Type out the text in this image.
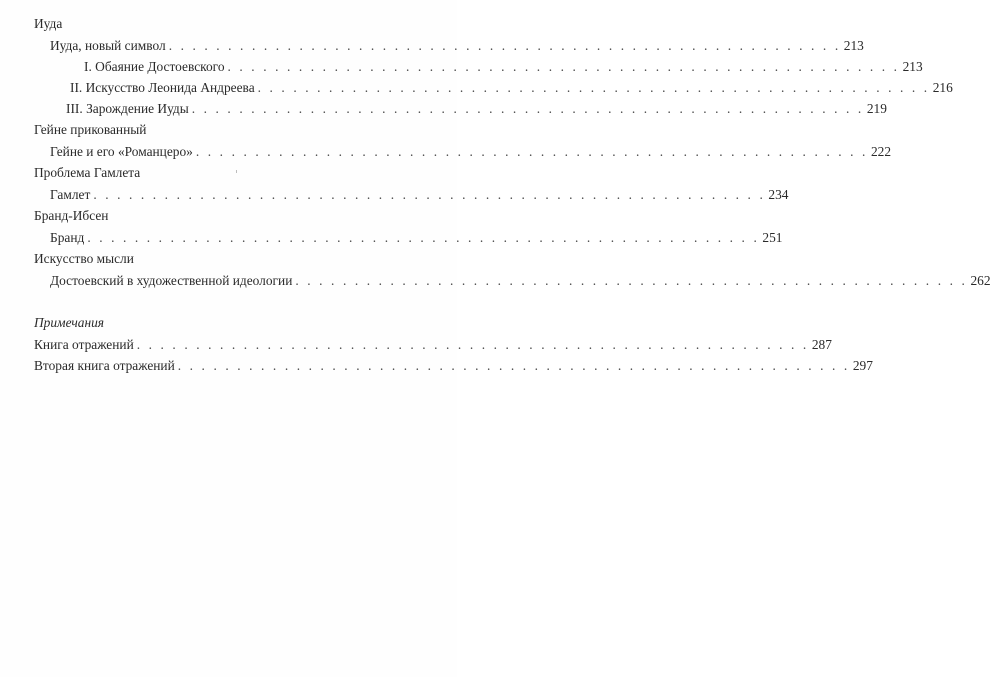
Иуда
Иуда, новый символ . . . . . . . . . . . . . . . . . . . . . . . . . . . . . . . . . . . . . . . . . . . . . . . . . . . . . . . . . 213
I. Обаяние Достоевского . . . . . . . . . . . . . . . . . . . . . . . . . . . . . . . . . . . . . . . . . . . . . . . . . . . . . . . . . 213
II. Искусство Леонида Андреева . . . . . . . . . . . . . . . . . . . . . . . . . . . . . . . . . . . . . . . . . . . . . . . . . . . . . . . . . 216
III. Зарождение Иуды . . . . . . . . . . . . . . . . . . . . . . . . . . . . . . . . . . . . . . . . . . . . . . . . . . . . . . . . . 219
Гейне прикованный
Гейне и его «Романцеро» . . . . . . . . . . . . . . . . . . . . . . . . . . . . . . . . . . . . . . . . . . . . . . . . . . . . . . . . . 222
Проблема Гамлета
Гамлет . . . . . . . . . . . . . . . . . . . . . . . . . . . . . . . . . . . . . . . . . . . . . . . . . . . . . . . . . 234
Бранд-Ибсен
Бранд . . . . . . . . . . . . . . . . . . . . . . . . . . . . . . . . . . . . . . . . . . . . . . . . . . . . . . . . . 251
Искусство мысли
Достоевский в художественной идеологии . . . . . . . . . . . . . . . . . . . . . . . . . . . . . . . . . . . . . . . . . . . . . . . . . . . . . . . . . 262
Примечания
Книга отражений . . . . . . . . . . . . . . . . . . . . . . . . . . . . . . . . . . . . . . . . . . . . . . . . . . . . . . . . . 287
Вторая книга отражений . . . . . . . . . . . . . . . . . . . . . . . . . . . . . . . . . . . . . . . . . . . . . . . . . . . . . . . . . 297
